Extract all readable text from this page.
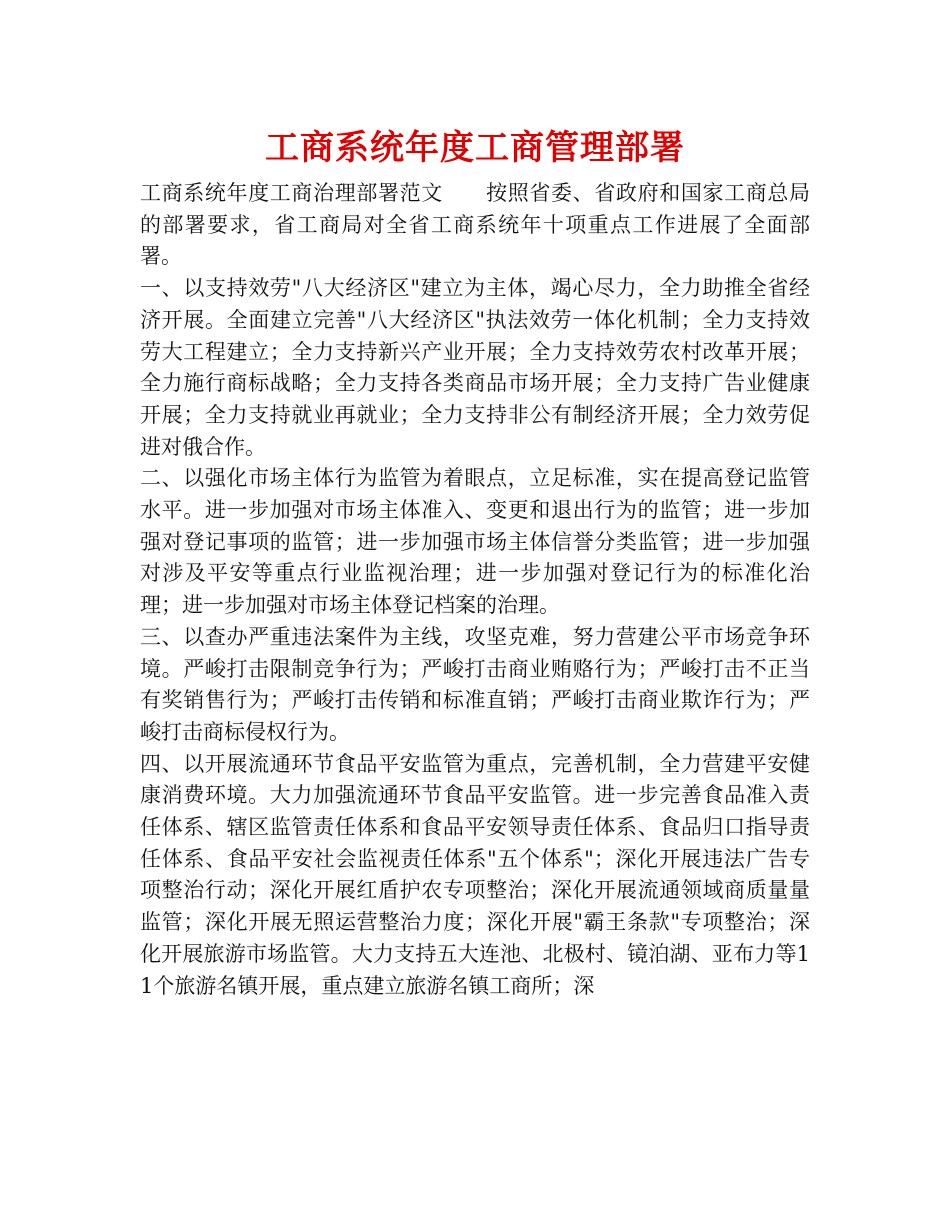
工商系统年度工商管理部署

工商系统年度工商治理部署范文　　按照省委、省政府和国家工商总局的部署要求，省工商局对全省工商系统年十项重点工作进展了全面部署。

一、以支持效劳"八大经济区"建立为主体，竭心尽力，全力助推全省经济开展。全面建立完善"八大经济区"执法效劳一体化机制；全力支持效劳大工程建立；全力支持新兴产业开展；全力支持效劳农村改革开展；全力施行商标战略；全力支持各类商品市场开展；全力支持广告业健康开展；全力支持就业再就业；全力支持非公有制经济开展；全力效劳促进对俄合作。

二、以强化市场主体行为监管为着眼点，立足标准，实在提高登记监管水平。进一步加强对市场主体准入、变更和退出行为的监管；进一步加强对登记事项的监管；进一步加强市场主体信誉分类监管；进一步加强对涉及平安等重点行业监视治理；进一步加强对登记行为的标准化治理；进一步加强对市场主体登记档案的治理。

三、以查办严重违法案件为主线，攻坚克难，努力营建公平市场竞争环境。严峻打击限制竞争行为；严峻打击商业贿赂行为；严峻打击不正当有奖销售行为；严峻打击传销和标准直销；严峻打击商业欺诈行为；严峻打击商标侵权行为。

四、以开展流通环节食品平安监管为重点，完善机制，全力营建平安健康消费环境。大力加强流通环节食品平安监管。进一步完善食品准入责任体系、辖区监管责任体系和食品平安领导责任体系、食品归口指导责任体系、食品平安社会监视责任体系"五个体系"；深化开展违法广告专项整治行动；深化开展红盾护农专项整治；深化开展流通领域商质量量监管；深化开展无照运营整治力度；深化开展"霸王条款"专项整治；深化开展旅游市场监管。大力支持五大连池、北极村、镜泊湖、亚布力等11个旅游名镇开展，重点建立旅游名镇工商所；深
